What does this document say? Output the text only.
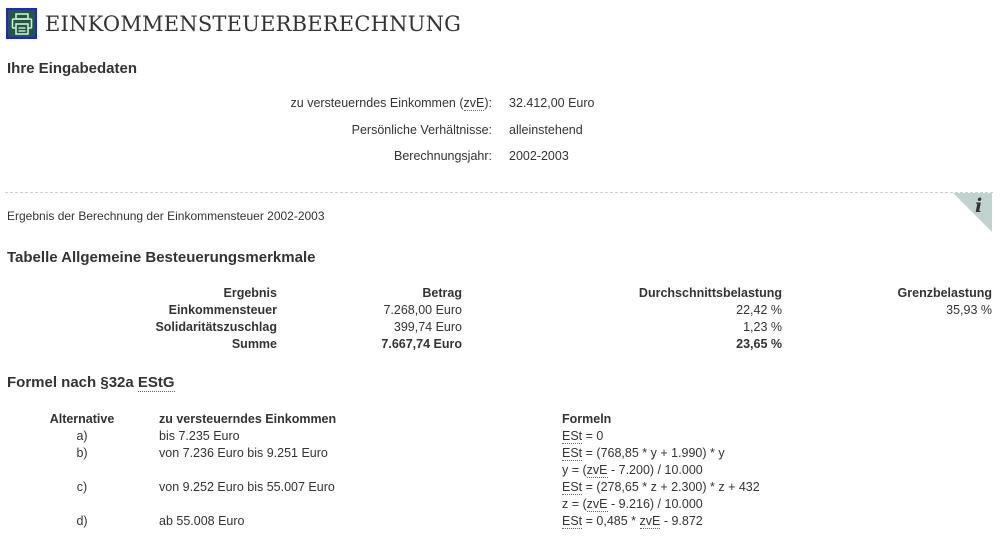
EINKOMMENSTEUERBERECHNUNG
Ihre Eingabedaten
zu versteuerndes Einkommen (zvE): 32.412,00 Euro
Persönliche Verhältnisse: alleinstehend
Berechnungsjahr: 2002-2003
i
Ergebnis der Berechnung der Einkommensteuer 2002-2003
Tabelle Allgemeine Besteuerungsmerkmale
Ergebnis	Betrag	Durchschnittsbelastung	Grenzbelastung
Einkommensteuer	7.268,00 Euro	22,42 %	35,93 %
Solidaritätszuschlag	399,74 Euro	1,23 %
Summe	7.667,74 Euro	23,65 %
Formel nach §32a EStG
Alternative	zu versteuerndes Einkommen	Formeln
a)	bis 7.235 Euro	ESt = 0
b)	von 7.236 Euro bis 9.251 Euro	ESt = (768,85 * y + 1.990) * y
y = (zvE - 7.200) / 10.000
c)	von 9.252 Euro bis 55.007 Euro	ESt = (278,65 * z + 2.300) * z + 432
z = (zvE - 9.216) / 10.000
d)	ab 55.008 Euro	ESt = 0,485 * zvE - 9.872
